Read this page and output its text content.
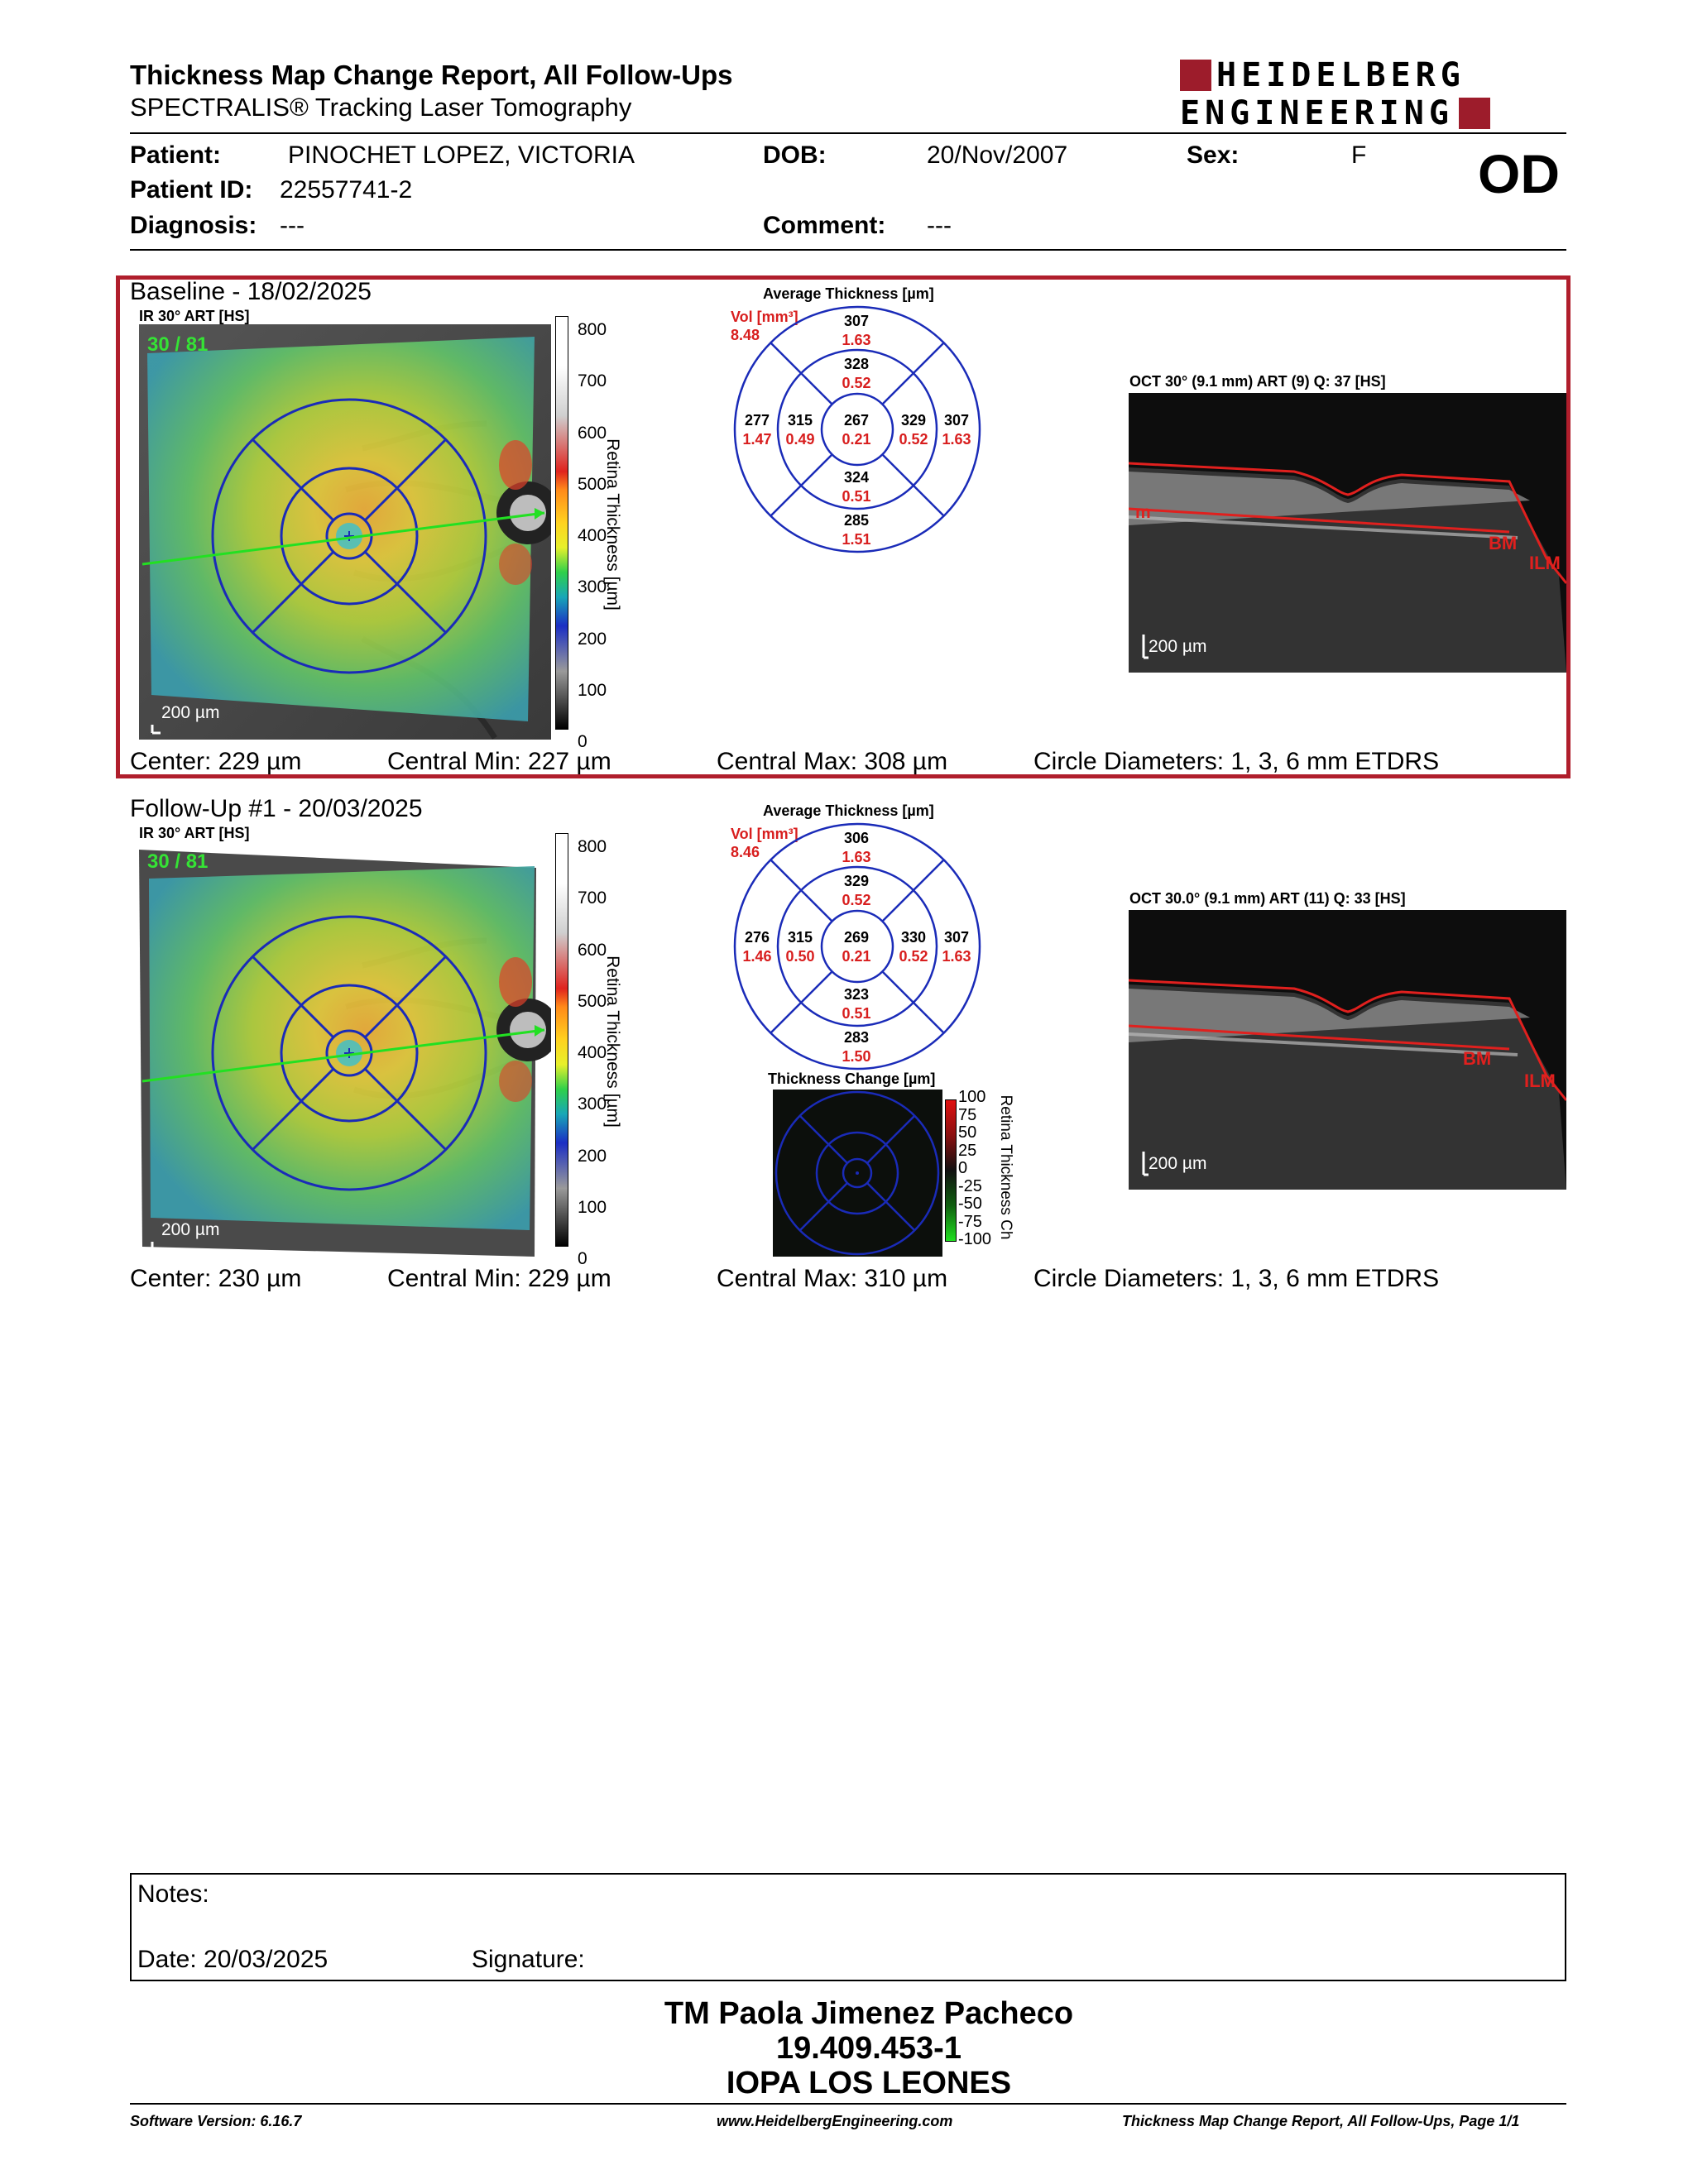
Thickness Map Change Report, All Follow-Ups
SPECTRALIS® Tracking Laser Tomography
HEIDELBERG
ENGINEERING
OD
Patient:	PINOCHET LOPEZ, VICTORIA	DOB:	20/Nov/2007	Sex:	F
Patient ID: 22557741-2
Diagnosis: ---	Comment: ---
Baseline - 18/02/2025
IR 30° ART [HS]
30 / 81
200 µm
800
700
600
500
400
300
200
100
0
Retina Thickness [µm]
Average Thickness [µm]
Vol [mm³]
8.48
307
1.63
328
0.52
267
0.21
324
0.51
285
1.51
277
1.47
315
0.49
329
0.52
307
1.63
OCT 30° (9.1 mm) ART (9) Q: 37 [HS]
m
BM
ILM
200 µm
Center: 229 µm	Central Min: 227 µm	Central Max: 308 µm	Circle Diameters: 1, 3, 6 mm ETDRS
Follow-Up #1 - 20/03/2025
IR 30° ART [HS]
30 / 81
200 µm
800
700
600
500
400
300
200
100
0
Retina Thickness [µm]
Average Thickness [µm]
Vol [mm³]
8.46
306
1.63
329
0.52
269
0.21
323
0.51
283
1.50
276
1.46
315
0.50
330
0.52
307
1.63
Thickness Change [µm]
100
75
50
25
0
-25
-50
-75
-100 Retina Thickness Ch
OCT 30.0° (9.1 mm) ART (11) Q: 33 [HS]
BM
ILM
200 µm
Center: 230 µm	Central Min: 229 µm	Central Max: 310 µm	Circle Diameters: 1, 3, 6 mm ETDRS
Notes:
Date: 20/03/2025	Signature:
TM Paola Jimenez Pacheco
19.409.453-1
IOPA LOS LEONES
Software Version: 6.16.7	www.HeidelbergEngineering.com	Thickness Map Change Report, All Follow-Ups, Page 1/1
